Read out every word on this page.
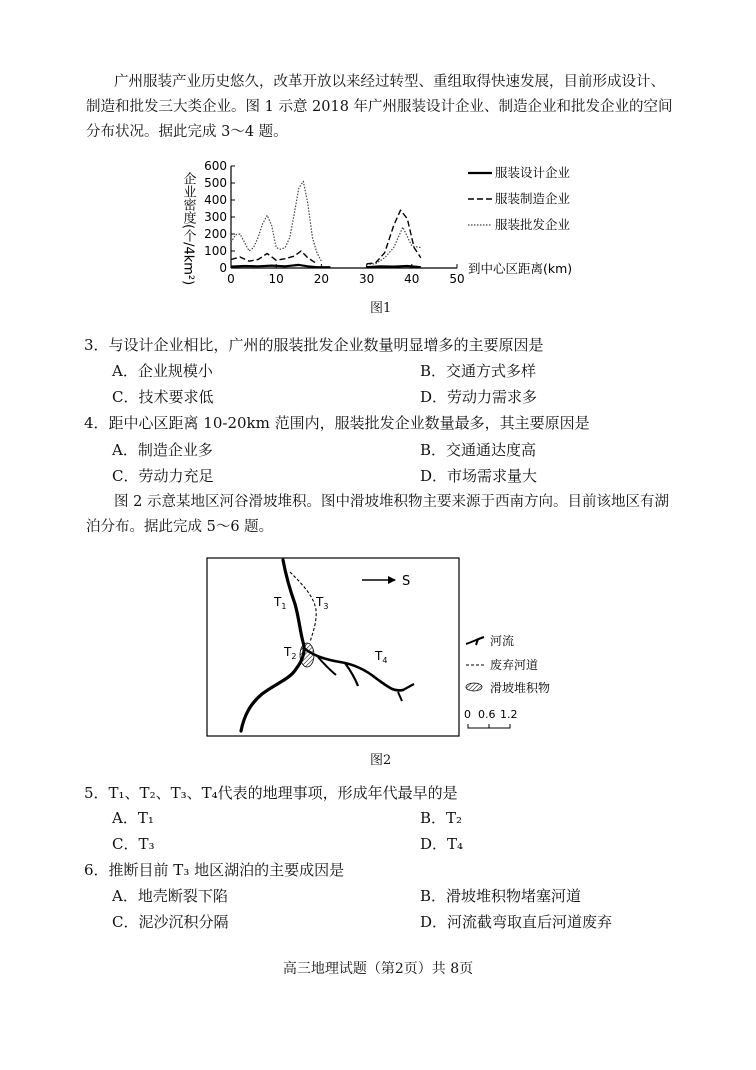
广州服装产业历史悠久，改革开放以来经过转型、重组取得快速发展，目前形成设计、制造和批发三大类企业。图 1 示意 2018 年广州服装设计企业、制造企业和批发企业的空间分布状况。据此完成 3～4 题。
0
100
200
300
400
500
600
0	10 20 30 40 50
企业密度(个/4km²)	到中心区距离(km)
服装设计企业
服装制造企业
服装批发企业
图1
3．与设计企业相比，广州的服装批发企业数量明显增多的主要原因是
A．企业规模小	B．交通方式多样
C．技术要求低	D．劳动力需求多
4．距中心区距离 10-20km 范围内，服装批发企业数量最多，其主要原因是
A．制造企业多	B．交通通达度高
C．劳动力充足	D．市场需求量大
图 2 示意某地区河谷滑坡堆积。图中滑坡堆积物主要来源于西南方向。目前该地区有湖泊分布。据此完成 5～6 题。
S
$T_1$ $T_3$
$T_2$	$T_4$
河流
废弃河道
滑坡堆积物
0 0.6 1.2
图2
5．T₁、T₂、T₃、T₄代表的地理事项，形成年代最早的是
A．T₁	B．T₂
C．T₃	D．T₄
6．推断目前 T₃ 地区湖泊的主要成因是
A．地壳断裂下陷	B．滑坡堆积物堵塞河道
C．泥沙沉积分隔	D．河流截弯取直后河道废弃
高三地理试题（第2页）共 8页
